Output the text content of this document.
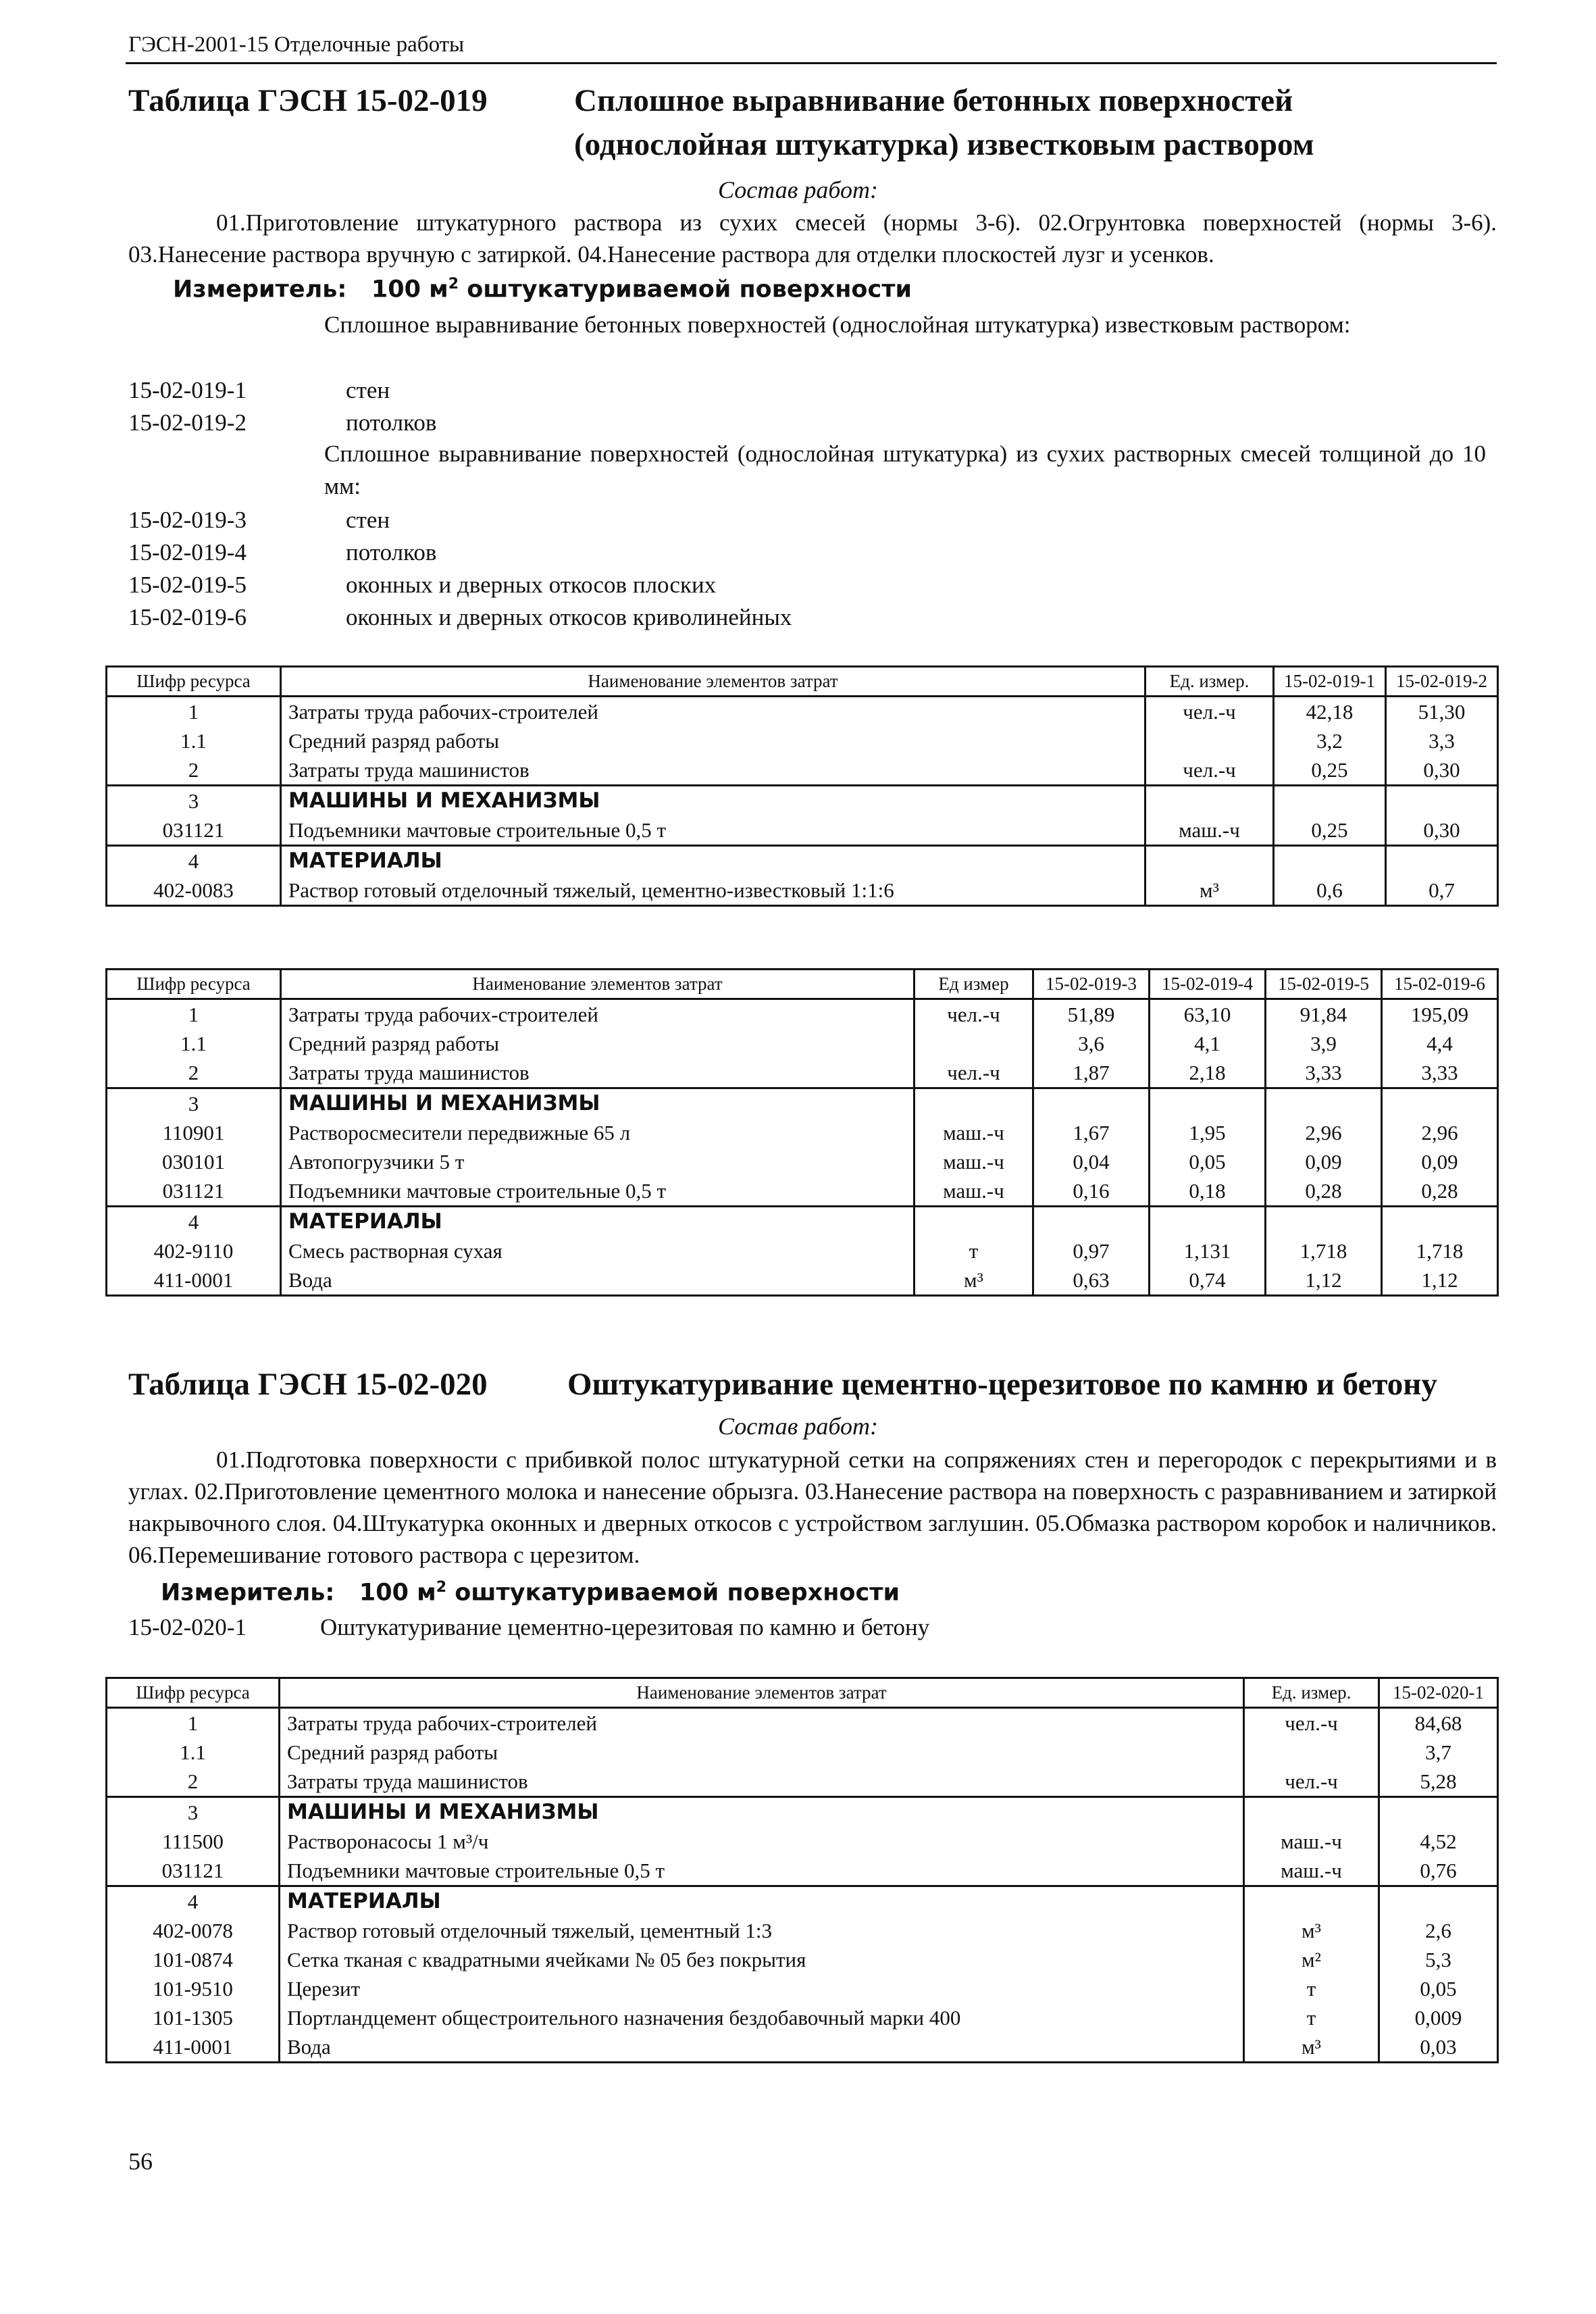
ГЭСН-2001-15 Отделочные работы
Таблица ГЭСН 15-02-019	Сплошное выравнивание бетонных поверхностей
(однослойная штукатурка) известковым раствором
Состав работ:
01.Приготовление штукатурного раствора из сухих смесей (нормы 3-6). 02.Огрунтовка поверхностей (нормы 3-6). 03.Нанесение раствора вручную с затиркой. 04.Нанесение раствора для отделки плоскостей лузг и усенков.
Измеритель: 100 $м^2$ оштукатуриваемой поверхности
Сплошное выравнивание бетонных поверхностей (однослойная штукатурка) известковым раствором:
15-02-019-1	стен
15-02-019-2	потолков
Сплошное выравнивание поверхностей (однослойная штукатурка) из сухих растворных смесей толщиной до 10 мм:
15-02-019-3	стен
15-02-019-4	потолков
15-02-019-5	оконных и дверных откосов плоских
15-02-019-6	оконных и дверных откосов криволинейных
Шифр ресурса	Наименование элементов затрат	Ед. измер.	15-02-019-1	15-02-019-2
1	Затраты труда рабочих-строителей	чел.-ч	42,18	51,30
1.1	Средний разряд работы		3,2	3,3
2	Затраты труда машинистов	чел.-ч	0,25	0,30
3	МАШИНЫ И МЕХАНИЗМЫ			
031121	Подъемники мачтовые строительные 0,5 т	маш.-ч	0,25	0,30
4	МАТЕРИАЛЫ			
402-0083	Раствор готовый отделочный тяжелый, цементно-известковый 1:1:6	м³	0,6	0,7
Шифр ресурса	Наименование элементов затрат	Ед измер	15-02-019-3	15-02-019-4	15-02-019-5	15-02-019-6
1	Затраты труда рабочих-строителей	чел.-ч	51,89	63,10	91,84	195,09
1.1	Средний разряд работы		3,6	4,1	3,9	4,4
2	Затраты труда машинистов	чел.-ч	1,87	2,18	3,33	3,33
3	МАШИНЫ И МЕХАНИЗМЫ					
110901	Растворосмесители передвижные 65 л	маш.-ч	1,67	1,95	2,96	2,96
030101	Автопогрузчики 5 т	маш.-ч	0,04	0,05	0,09	0,09
031121	Подъемники мачтовые строительные 0,5 т	маш.-ч	0,16	0,18	0,28	0,28
4	МАТЕРИАЛЫ					
402-9110	Смесь растворная сухая	т	0,97	1,131	1,718	1,718
411-0001	Вода	м³	0,63	0,74	1,12	1,12
Таблица ГЭСН 15-02-020	Оштукатуривание цементно-церезитовое по камню и бетону
Состав работ:
01.Подготовка поверхности с прибивкой полос штукатурной сетки на сопряжениях стен и перегородок с перекрытиями и в углах. 02.Приготовление цементного молока и нанесение обрызга. 03.Нанесение раствора на поверхность с разравниванием и затиркой накрывочного слоя. 04.Штукатурка оконных и дверных откосов с устройством заглушин. 05.Обмазка раствором коробок и наличников. 06.Перемешивание готового раствора с церезитом.
Измеритель: 100 $м^2$ оштукатуриваемой поверхности
15-02-020-1	Оштукатуривание цементно-церезитовая по камню и бетону
Шифр ресурса	Наименование элементов затрат	Ед. измер.	15-02-020-1
1	Затраты труда рабочих-строителей	чел.-ч	84,68
1.1	Средний разряд работы		3,7
2	Затраты труда машинистов	чел.-ч	5,28
3	МАШИНЫ И МЕХАНИЗМЫ		
111500	Растворонасосы 1 м³/ч	маш.-ч	4,52
031121	Подъемники мачтовые строительные 0,5 т	маш.-ч	0,76
4	МАТЕРИАЛЫ		
402-0078	Раствор готовый отделочный тяжелый, цементный 1:3	м³	2,6
101-0874	Сетка тканая с квадратными ячейками № 05 без покрытия	м²	5,3
101-9510	Церезит	т	0,05
101-1305	Портландцемент общестроительного назначения бездобавочный марки 400	т	0,009
411-0001	Вода	м³	0,03
56
